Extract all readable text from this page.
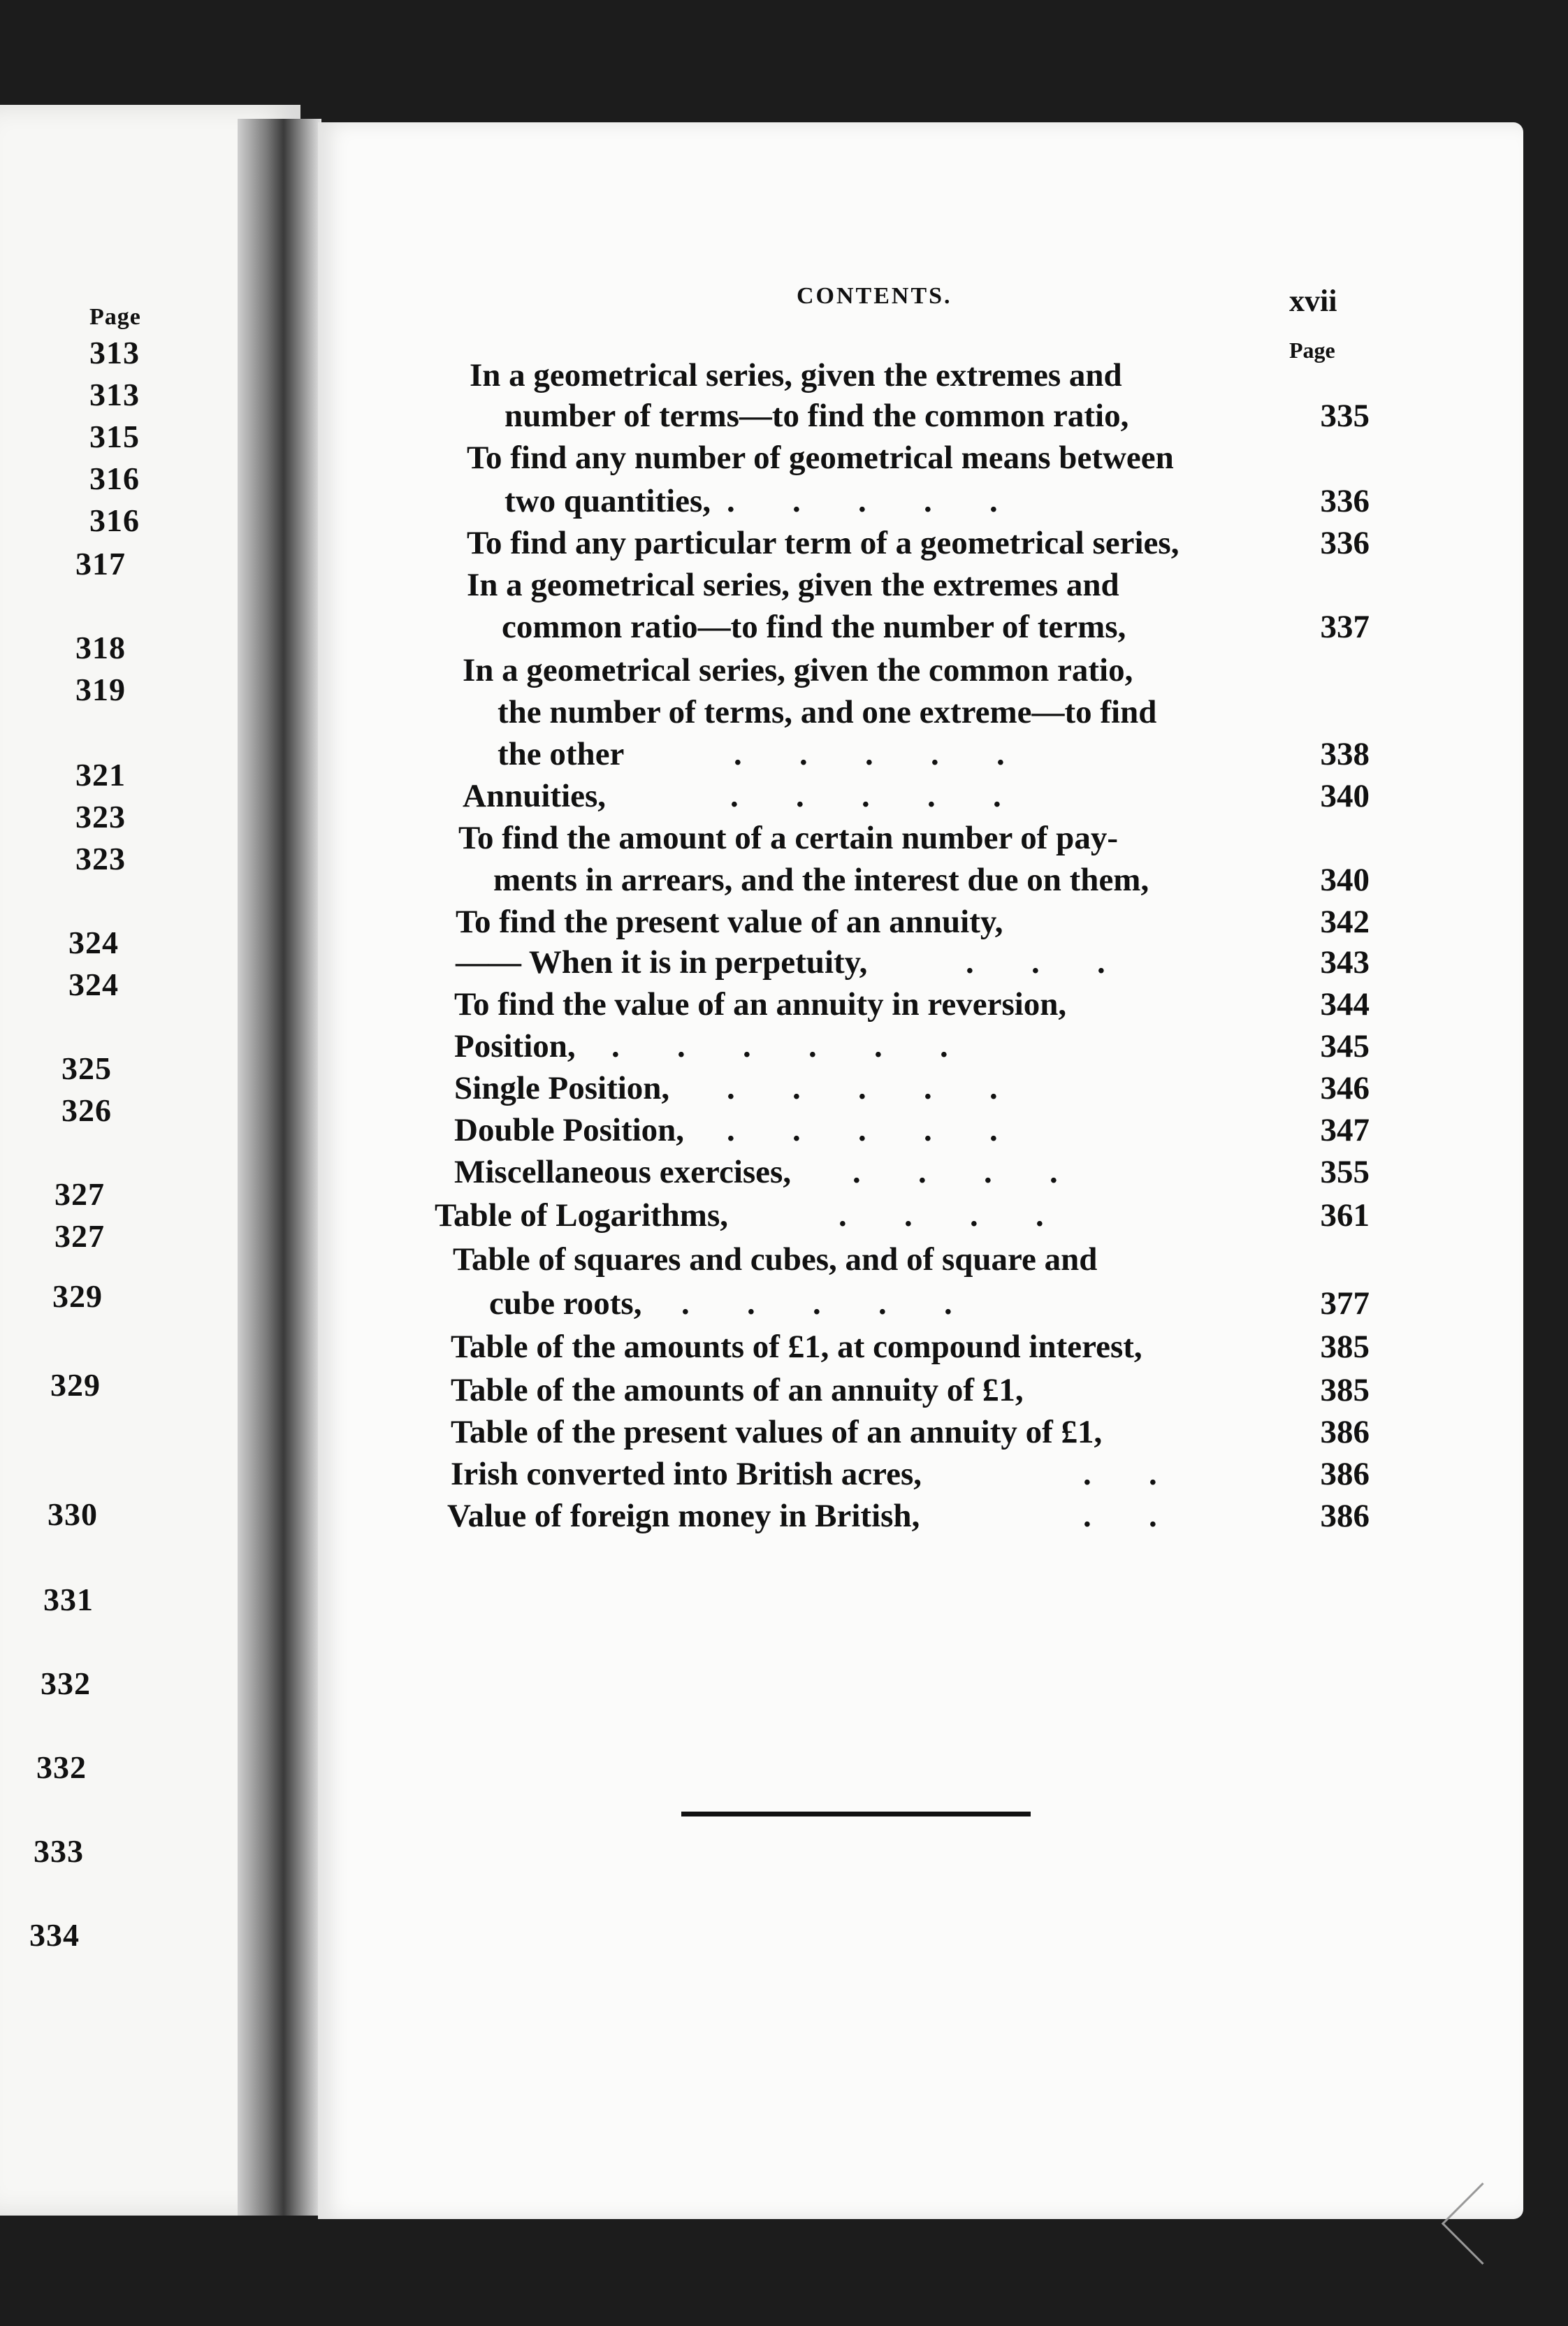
Page
313
313
315
316
316
317
318
319
321
323
323
324
324
325
326
327
327
329
329
330
331
332
332
333
334
CONTENTS.	xvii
Page
In a geometrical series, given the extremes and
number of terms—to find the common ratio,	335
To find any number of geometrical means between
two quantities, .       .       .       .       .	336
To find any particular term of a geometrical series,	336
In a geometrical series, given the extremes and
common ratio—to find the number of terms,	337
In a geometrical series, given the common ratio,
the number of terms, and one extreme—to find
the other	.       .       .       .       .	338
Annuities,	.       .       .       .       .	340
To find the amount of a certain number of pay-
ments in arrears, and the interest due on them,	340
To find the present value of an annuity,	342
—— When it is in perpetuity,	.       .       .	343
To find the value of an annuity in reversion,	344
Position, .       .       .       .       .       .	345
Single Position, .       .       .       .       .	346
Double Position, .       .       .       .       .	347
Miscellaneous exercises, .       .       .       .	355
Table of Logarithms,	.       .       .       .	361
Table of squares and cubes, and of square and
cube roots, .       .       .       .       .	377
Table of the amounts of £1, at compound interest,	385
Table of the amounts of an annuity of £1,	385
Table of the present values of an annuity of £1,	386
Irish converted into British acres,	.       .	386
Value of foreign money in British,	.       .	386
